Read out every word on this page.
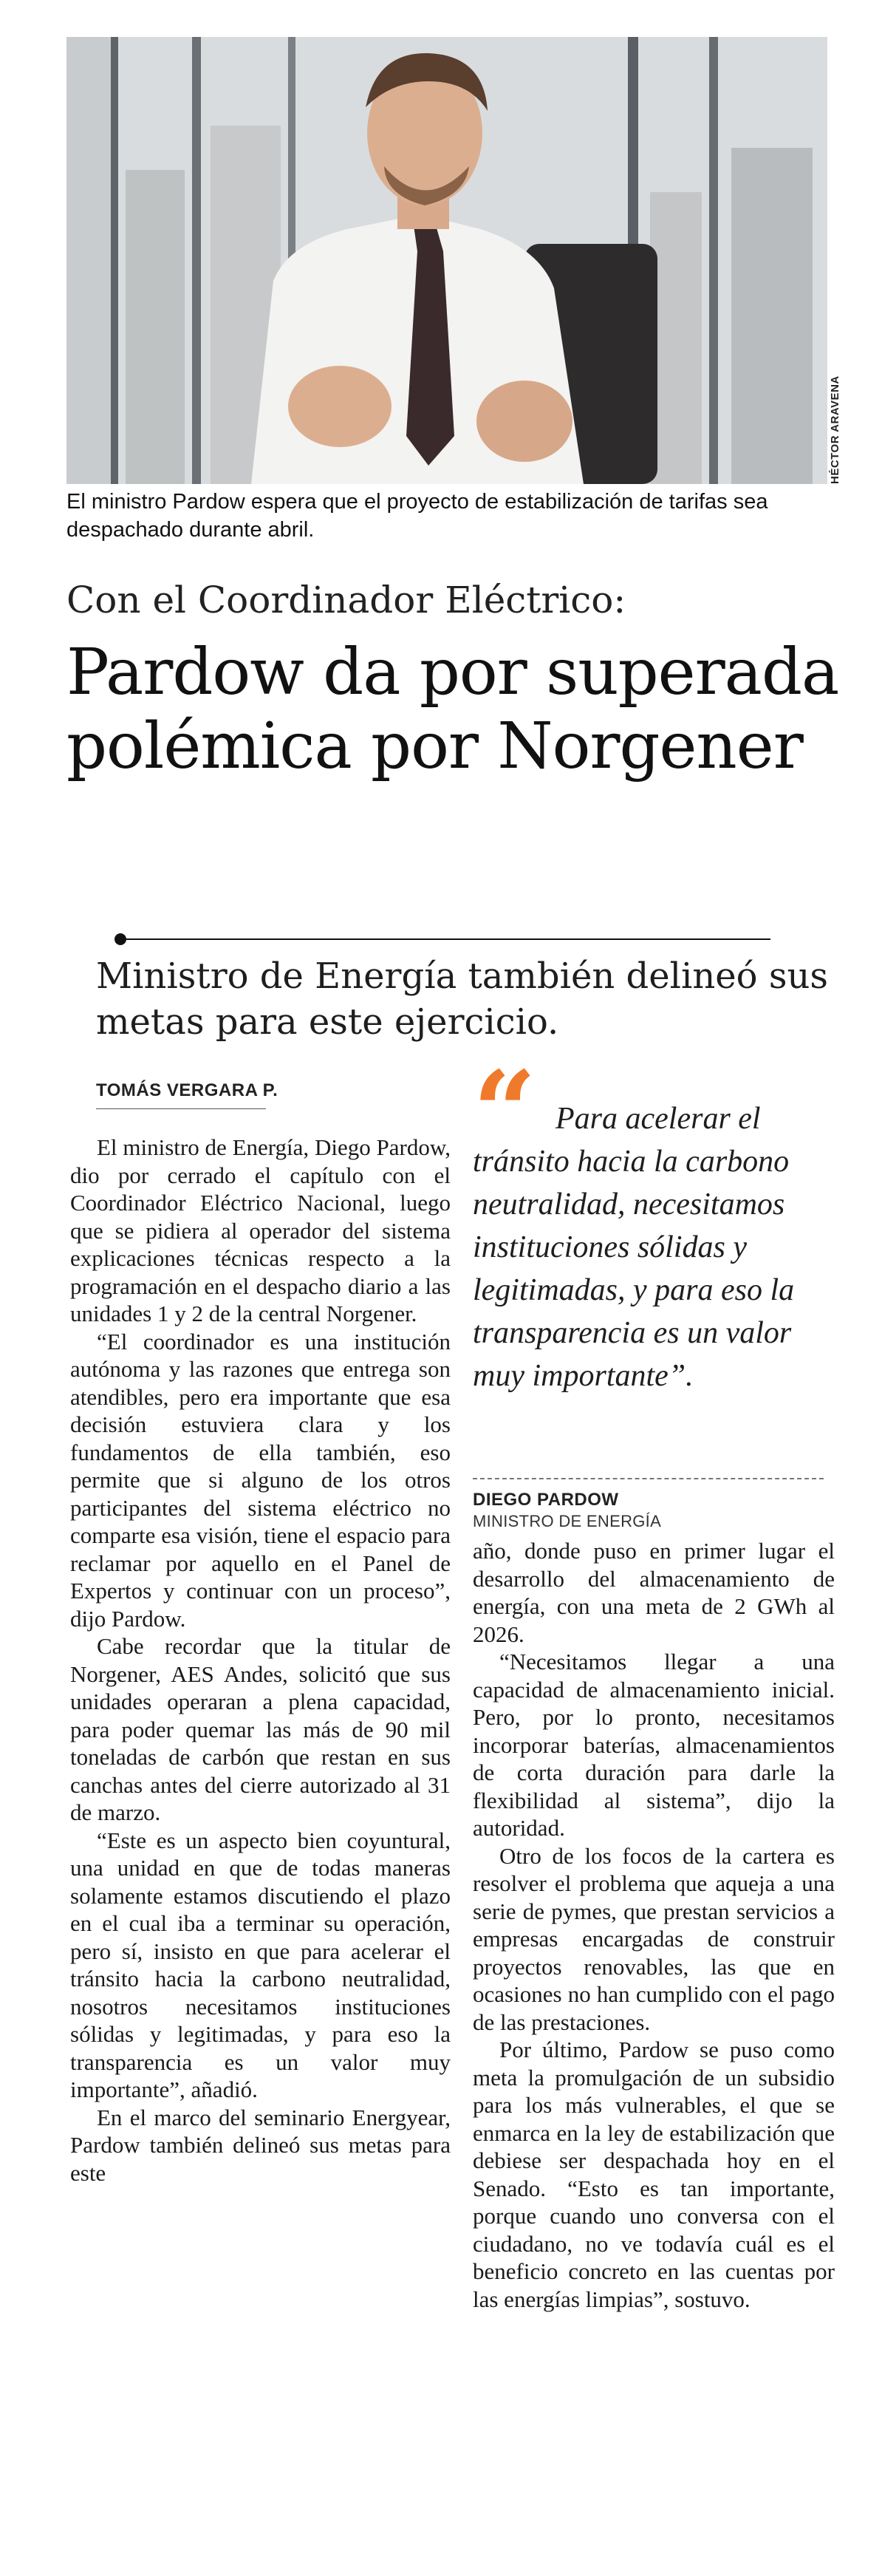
HÉCTOR ARAVENA
El ministro Pardow espera que el proyecto de estabilización de tarifas sea despachado durante abril.
Con el Coordinador Eléctrico:
Pardow da por superada polémica por Norgener
Ministro de Energía también delineó sus metas para este ejercicio.
TOMÁS VERGARA P.

El ministro de Energía, Diego Pardow, dio por cerrado el capítulo con el Coordinador Eléctrico Nacional, luego que se pidiera al operador del sistema explicaciones técnicas respecto a la programación en el despacho diario a las unidades 1 y 2 de la central Norgener.

“El coordinador es una institución autónoma y las razones que entrega son atendibles, pero era importante que esa decisión estuviera clara y los fundamentos de ella también, eso permite que si alguno de los otros participantes del sistema eléctrico no comparte esa visión, tiene el espacio para reclamar por aquello en el Panel de Expertos y continuar con un proceso”, dijo Pardow.

Cabe recordar que la titular de Norgener, AES Andes, solicitó que sus unidades operaran a plena capacidad, para poder quemar las más de 90 mil toneladas de carbón que restan en sus canchas antes del cierre autorizado al 31 de marzo.

“Este es un aspecto bien coyuntural, una unidad en que de todas maneras solamente estamos discutiendo el plazo en el cual iba a terminar su operación, pero sí, insisto en que para acelerar el tránsito hacia la carbono neutralidad, nosotros necesitamos instituciones sólidas y legitimadas, y para eso la transparencia es un valor muy importante”, añadió.

En el marco del seminario Energyear, Pardow también delineó sus metas para este

“ Para acelerar el tránsito hacia la carbono neutralidad, necesitamos instituciones sólidas y legitimadas, y para eso la transparencia es un valor muy importante”.
DIEGO PARDOW
MINISTRO DE ENERGÍA

año, donde puso en primer lugar el desarrollo del almacenamiento de energía, con una meta de 2 GWh al 2026.

“Necesitamos llegar a una capacidad de almacenamiento inicial. Pero, por lo pronto, necesitamos incorporar baterías, almacenamientos de corta duración para darle la flexibilidad al sistema”, dijo la autoridad.

Otro de los focos de la cartera es resolver el problema que aqueja a una serie de pymes, que prestan servicios a empresas encargadas de construir proyectos renovables, las que en ocasiones no han cumplido con el pago de las prestaciones.

Por último, Pardow se puso como meta la promulgación de un subsidio para los más vulnerables, el que se enmarca en la ley de estabilización que debiese ser despachada hoy en el Senado. “Esto es tan importante, porque cuando uno conversa con el ciudadano, no ve todavía cuál es el beneficio concreto en las cuentas por las energías limpias”, sostuvo.
